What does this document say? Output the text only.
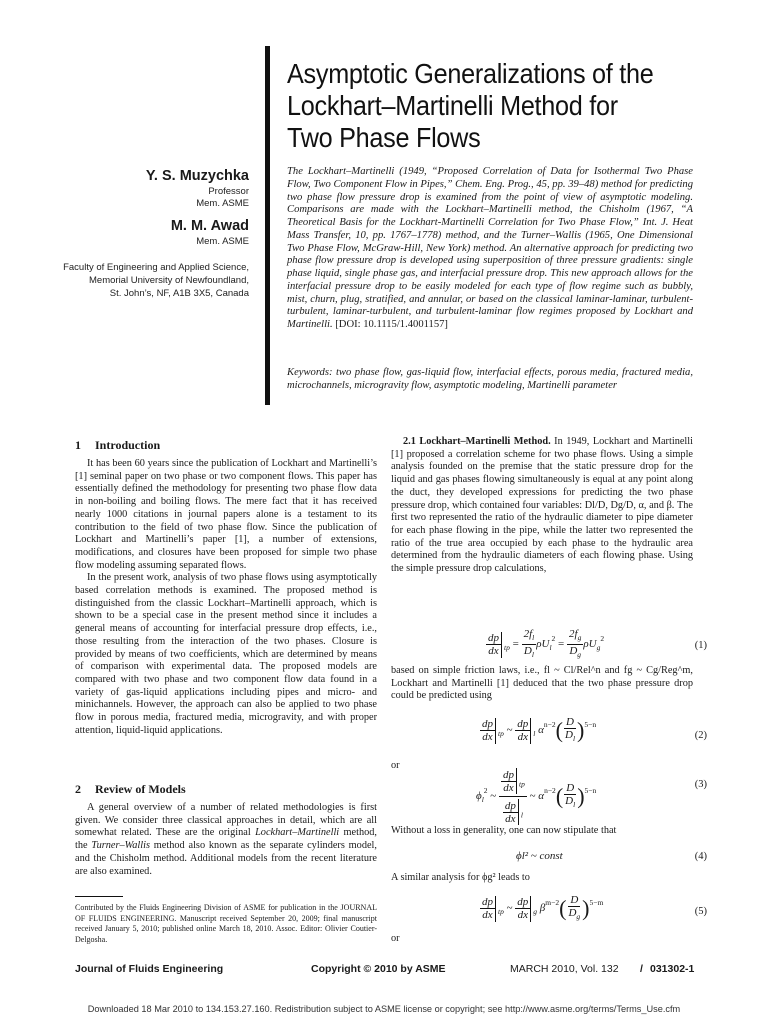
Asymptotic Generalizations of the
Lockhart–Martinelli Method for
Two Phase Flows
Y. S. Muzychka
Professor
Mem. ASME
M. M. Awad
Mem. ASME
Faculty of Engineering and Applied Science,
Memorial University of Newfoundland,
St. John’s, NF, A1B 3X5, Canada
The Lockhart–Martinelli (1949, “Proposed Correlation of Data for Isothermal Two Phase Flow, Two Component Flow in Pipes,” Chem. Eng. Prog., 45, pp. 39–48) method for predicting two phase flow pressure drop is examined from the point of view of asymptotic modeling. Comparisons are made with the Lockhart–Martinelli method, the Chisholm (1967, “A Theoretical Basis for the Lockhart-Martinelli Correlation for Two Phase Flow,” Int. J. Heat Mass Transfer, 10, pp. 1767–1778) method, and the Turner–Wallis (1965, One Dimensional Two Phase Flow, McGraw-Hill, New York) method. An alternative approach for predicting two phase flow pressure drop is developed using superposition of three pressure gradients: single phase liquid, single phase gas, and interfacial pressure drop. This new approach allows for the interfacial pressure drop to be easily modeled for each type of flow regime such as bubbly, mist, churn, plug, stratified, and annular, or based on the classical laminar-laminar, turbulent-turbulent, laminar-turbulent, and turbulent-laminar flow regimes proposed by Lockhart and Martinelli. [DOI: 10.1115/1.4001157]
Keywords: two phase flow, gas-liquid flow, interfacial effects, porous media, fractured media, microchannels, microgravity flow, asymptotic modeling, Martinelli parameter
1 Introduction

It has been 60 years since the publication of Lockhart and Martinelli’s [1] seminal paper on two phase or two component flows. This paper has essentially defined the methodology for presenting two phase flow data in non-boiling and boiling flows. The mere fact that it has received nearly 1000 citations in journal papers alone is a testament to its contribution to the field of two phase flow. Since the publication of Lockhart and Martinelli’s paper [1], a number of extensions, modifications, and closures have been proposed for simple two phase flow modeling assuming separated flows.

In the present work, analysis of two phase flows using asymptotically based correlation methods is examined. The proposed method is distinguished from the classic Lockhart–Martinelli approach, which is shown to be a special case in the present method since it includes a general means of accounting for interfacial pressure drop effects, i.e., those resulting from the interaction of the two phases. Closure is provided by means of two coefficients, which are determined by means of comparison with experimental data. The proposed models are compared with two phase and two component flow data found in a variety of gas-liquid applications including pipes and micro- and minichannels. However, the approach can also be applied to two phase flow in porous media, fractured media, microgravity, and with proper attention, liquid-liquid applications.

2 Review of Models

A general overview of a number of related methodologies is first given. We consider three classical approaches in detail, which are all somewhat related. These are the original Lockhart–Martinelli method, the Turner–Wallis method also known as the separate cylinders model, and the Chisholm method. Additional models from the recent literature are also examined.

Contributed by the Fluids Engineering Division of ASME for publication in the JOURNAL OF FLUIDS ENGINEERING. Manuscript received September 20, 2009; final manuscript received January 5, 2010; published online March 18, 2010. Assoc. Editor: Olivier Coutier-Delgosha.

2.1 Lockhart–Martinelli Method. In 1949, Lockhart and Martinelli [1] proposed a correlation scheme for two phase flows. Using a simple analysis founded on the premise that the static pressure drop for the liquid and gas phases flowing simultaneously is equal at any point along the duct, they developed expressions for predicting the two phase pressure drop, which contained four variables: Dl/D, Dg/D, α, and β. The first two represented the ratio of the hydraulic diameter to pipe diameter for each phase flowing in the pipe, while the latter two represented the ratio of the true area occupied by each phase to the hydraulic area determined from the hydraulic diameters of each flowing phase. Using the simple pressure drop calculations,

$\frac{dp}{dx} _{tp} = \frac{2f_l}{D_l} \rho U_l^2 = \frac{2f_g}{D_g} \rho U_g^2$
(1)
based on simple friction laws, i.e., fl ~ Cl/Rel^n and fg ~ Cg/Reg^m, Lockhart and Martinelli [1] deduced that the two phase pressure drop could be predicted using
$\frac{dp}{dx} _{tp}$ ~ $\frac{dp}{dx} _l$ $\alpha^{n-2}( \frac{D}{D_l} )^{5-n}$
(2)
or
$\phi_l^2$ ~ $\frac{\frac{dp}{dx} _{tp}}{\frac{dp}{dx} _l}$ ~ $\alpha^{n-2}( \frac{D}{D_l} )^{5-n}$
(3)
Without a loss in generality, one can now stipulate that
ϕl² ~ const	(4)
A similar analysis for ϕg² leads to
$\frac{dp}{dx} _{tp}$ ~ $\frac{dp}{dx} _g$ $\beta^{m-2}( \frac{D}{D_g} )^{5-m}$
(5)
or
Journal of Fluids Engineering	Copyright © 2010 by ASME	MARCH 2010, Vol. 132 / 031302-1
Downloaded 18 Mar 2010 to 134.153.27.160. Redistribution subject to ASME license or copyright; see http://www.asme.org/terms/Terms_Use.cfm
